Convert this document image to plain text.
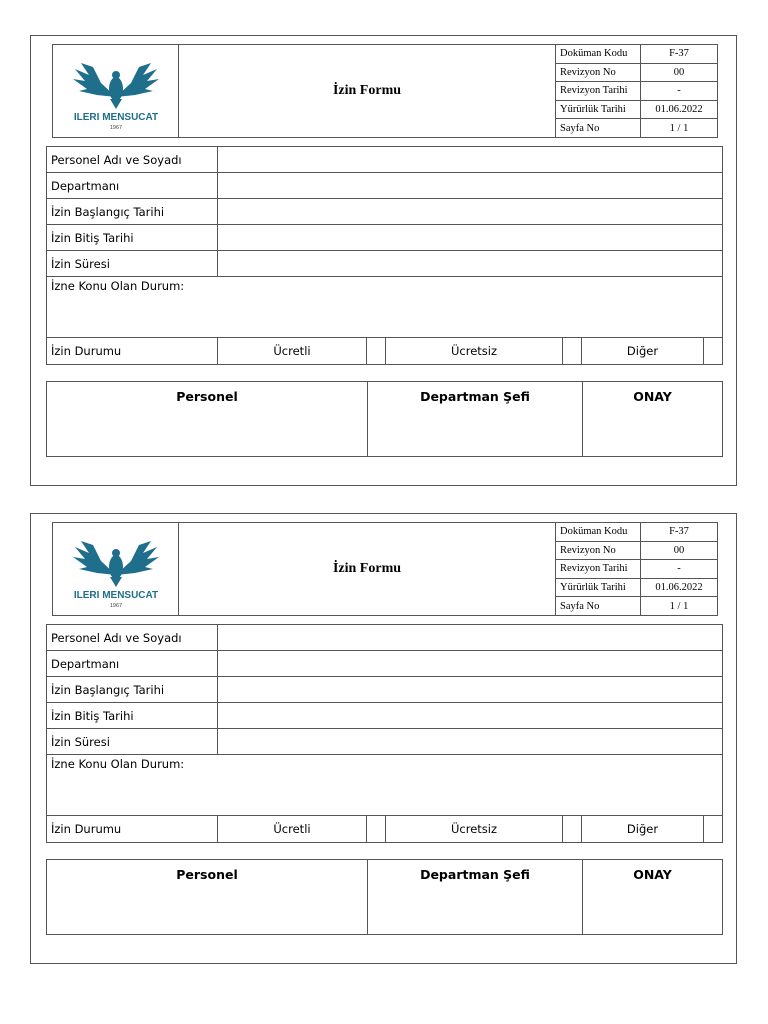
ILERI MENSUCAT
1967
İzin Formu
Doküman Kodu	F-37
Revizyon No	00
Revizyon Tarihi	-
Yürürlük Tarihi	01.06.2022
Sayfa No	1 / 1
Personel Adı ve Soyadı						
Departmanı						
İzin Başlangıç Tarihi						
İzin Bitiş Tarihi						
İzin Süresi						
İzne Konu Olan Durum:						
İzin Durumu	Ücretli		Ücretsiz		Diğer	
Personel	Departman Şefi	ONAY
ILERI MENSUCAT
1967
İzin Formu
Doküman Kodu	F-37
Revizyon No	00
Revizyon Tarihi	-
Yürürlük Tarihi	01.06.2022
Sayfa No	1 / 1
Personel Adı ve Soyadı						
Departmanı						
İzin Başlangıç Tarihi						
İzin Bitiş Tarihi						
İzin Süresi						
İzne Konu Olan Durum:						
İzin Durumu	Ücretli		Ücretsiz		Diğer	
Personel	Departman Şefi	ONAY
